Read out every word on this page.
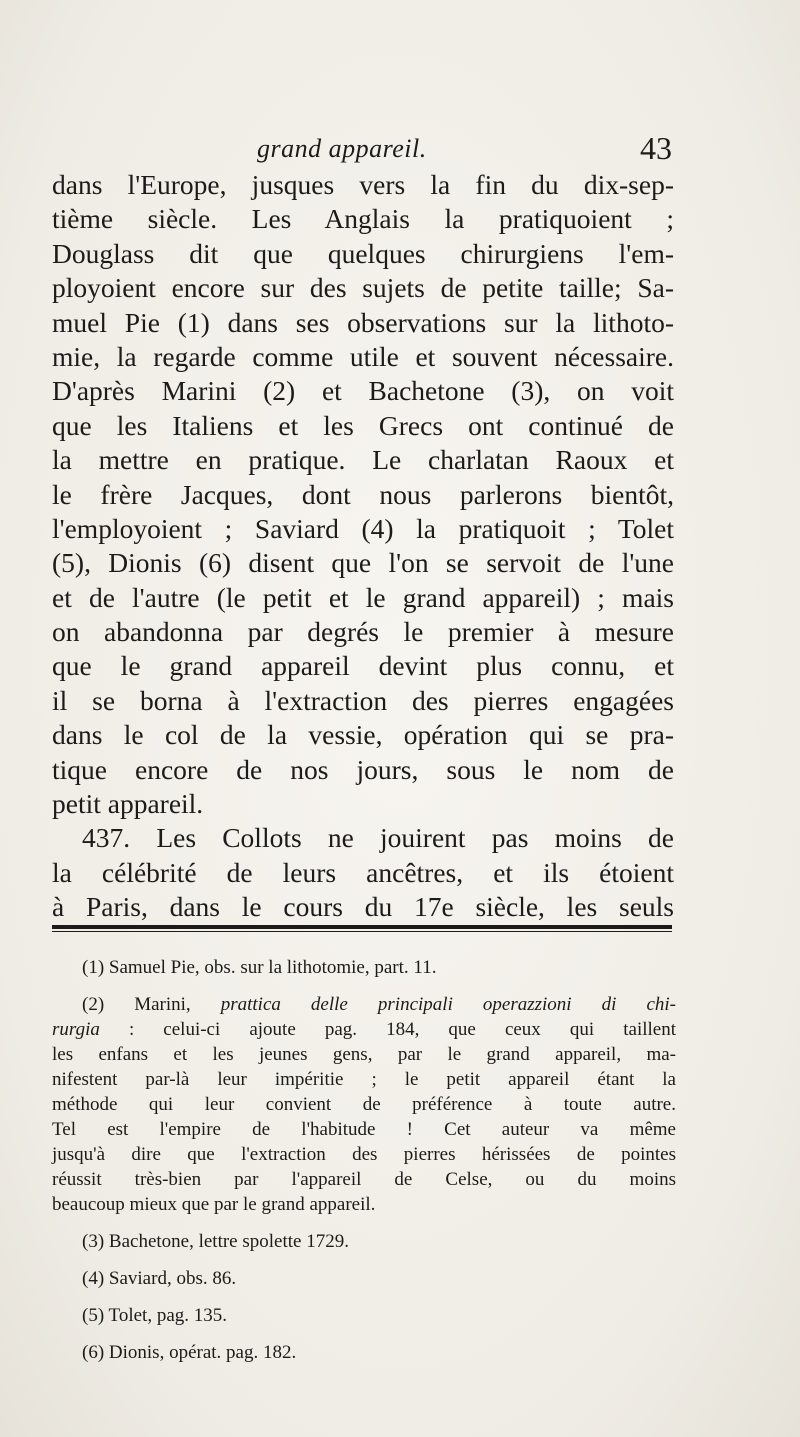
grand appareil.	43
dans l'Europe, jusques vers la fin du dix-sep-
tième siècle. Les Anglais la pratiquoient ;
Douglass dit que quelques chirurgiens l'em-
ployoient encore sur des sujets de petite taille; Sa-
muel Pie (1) dans ses observations sur la lithoto-
mie, la regarde comme utile et souvent nécessaire.
D'après Marini (2) et Bachetone (3), on voit
que les Italiens et les Grecs ont continué de
la mettre en pratique. Le charlatan Raoux et
le frère Jacques, dont nous parlerons bientôt,
l'employoient ; Saviard (4) la pratiquoit ; Tolet
(5), Dionis (6) disent que l'on se servoit de l'une
et de l'autre (le petit et le grand appareil) ; mais
on abandonna par degrés le premier à mesure
que le grand appareil devint plus connu, et
il se borna à l'extraction des pierres engagées
dans le col de la vessie, opération qui se pra-
tique encore de nos jours, sous le nom de
petit appareil.
437. Les Collots ne jouirent pas moins de
la célébrité de leurs ancêtres, et ils étoient
à Paris, dans le cours du 17e siècle, les seuls
(1) Samuel Pie, obs. sur la lithotomie, part. 11.
(2) Marini, prattica delle principali operazzioni di chi-
rurgia : celui-ci ajoute pag. 184, que ceux qui taillent
les enfans et les jeunes gens, par le grand appareil, ma-
nifestent par-là leur impéritie ; le petit appareil étant la
méthode qui leur convient de préférence à toute autre.
Tel est l'empire de l'habitude ! Cet auteur va même
jusqu'à dire que l'extraction des pierres hérissées de pointes
réussit très-bien par l'appareil de Celse, ou du moins
beaucoup mieux que par le grand appareil.
(3) Bachetone, lettre spolette 1729.
(4) Saviard, obs. 86.
(5) Tolet, pag. 135.
(6) Dionis, opérat. pag. 182.
